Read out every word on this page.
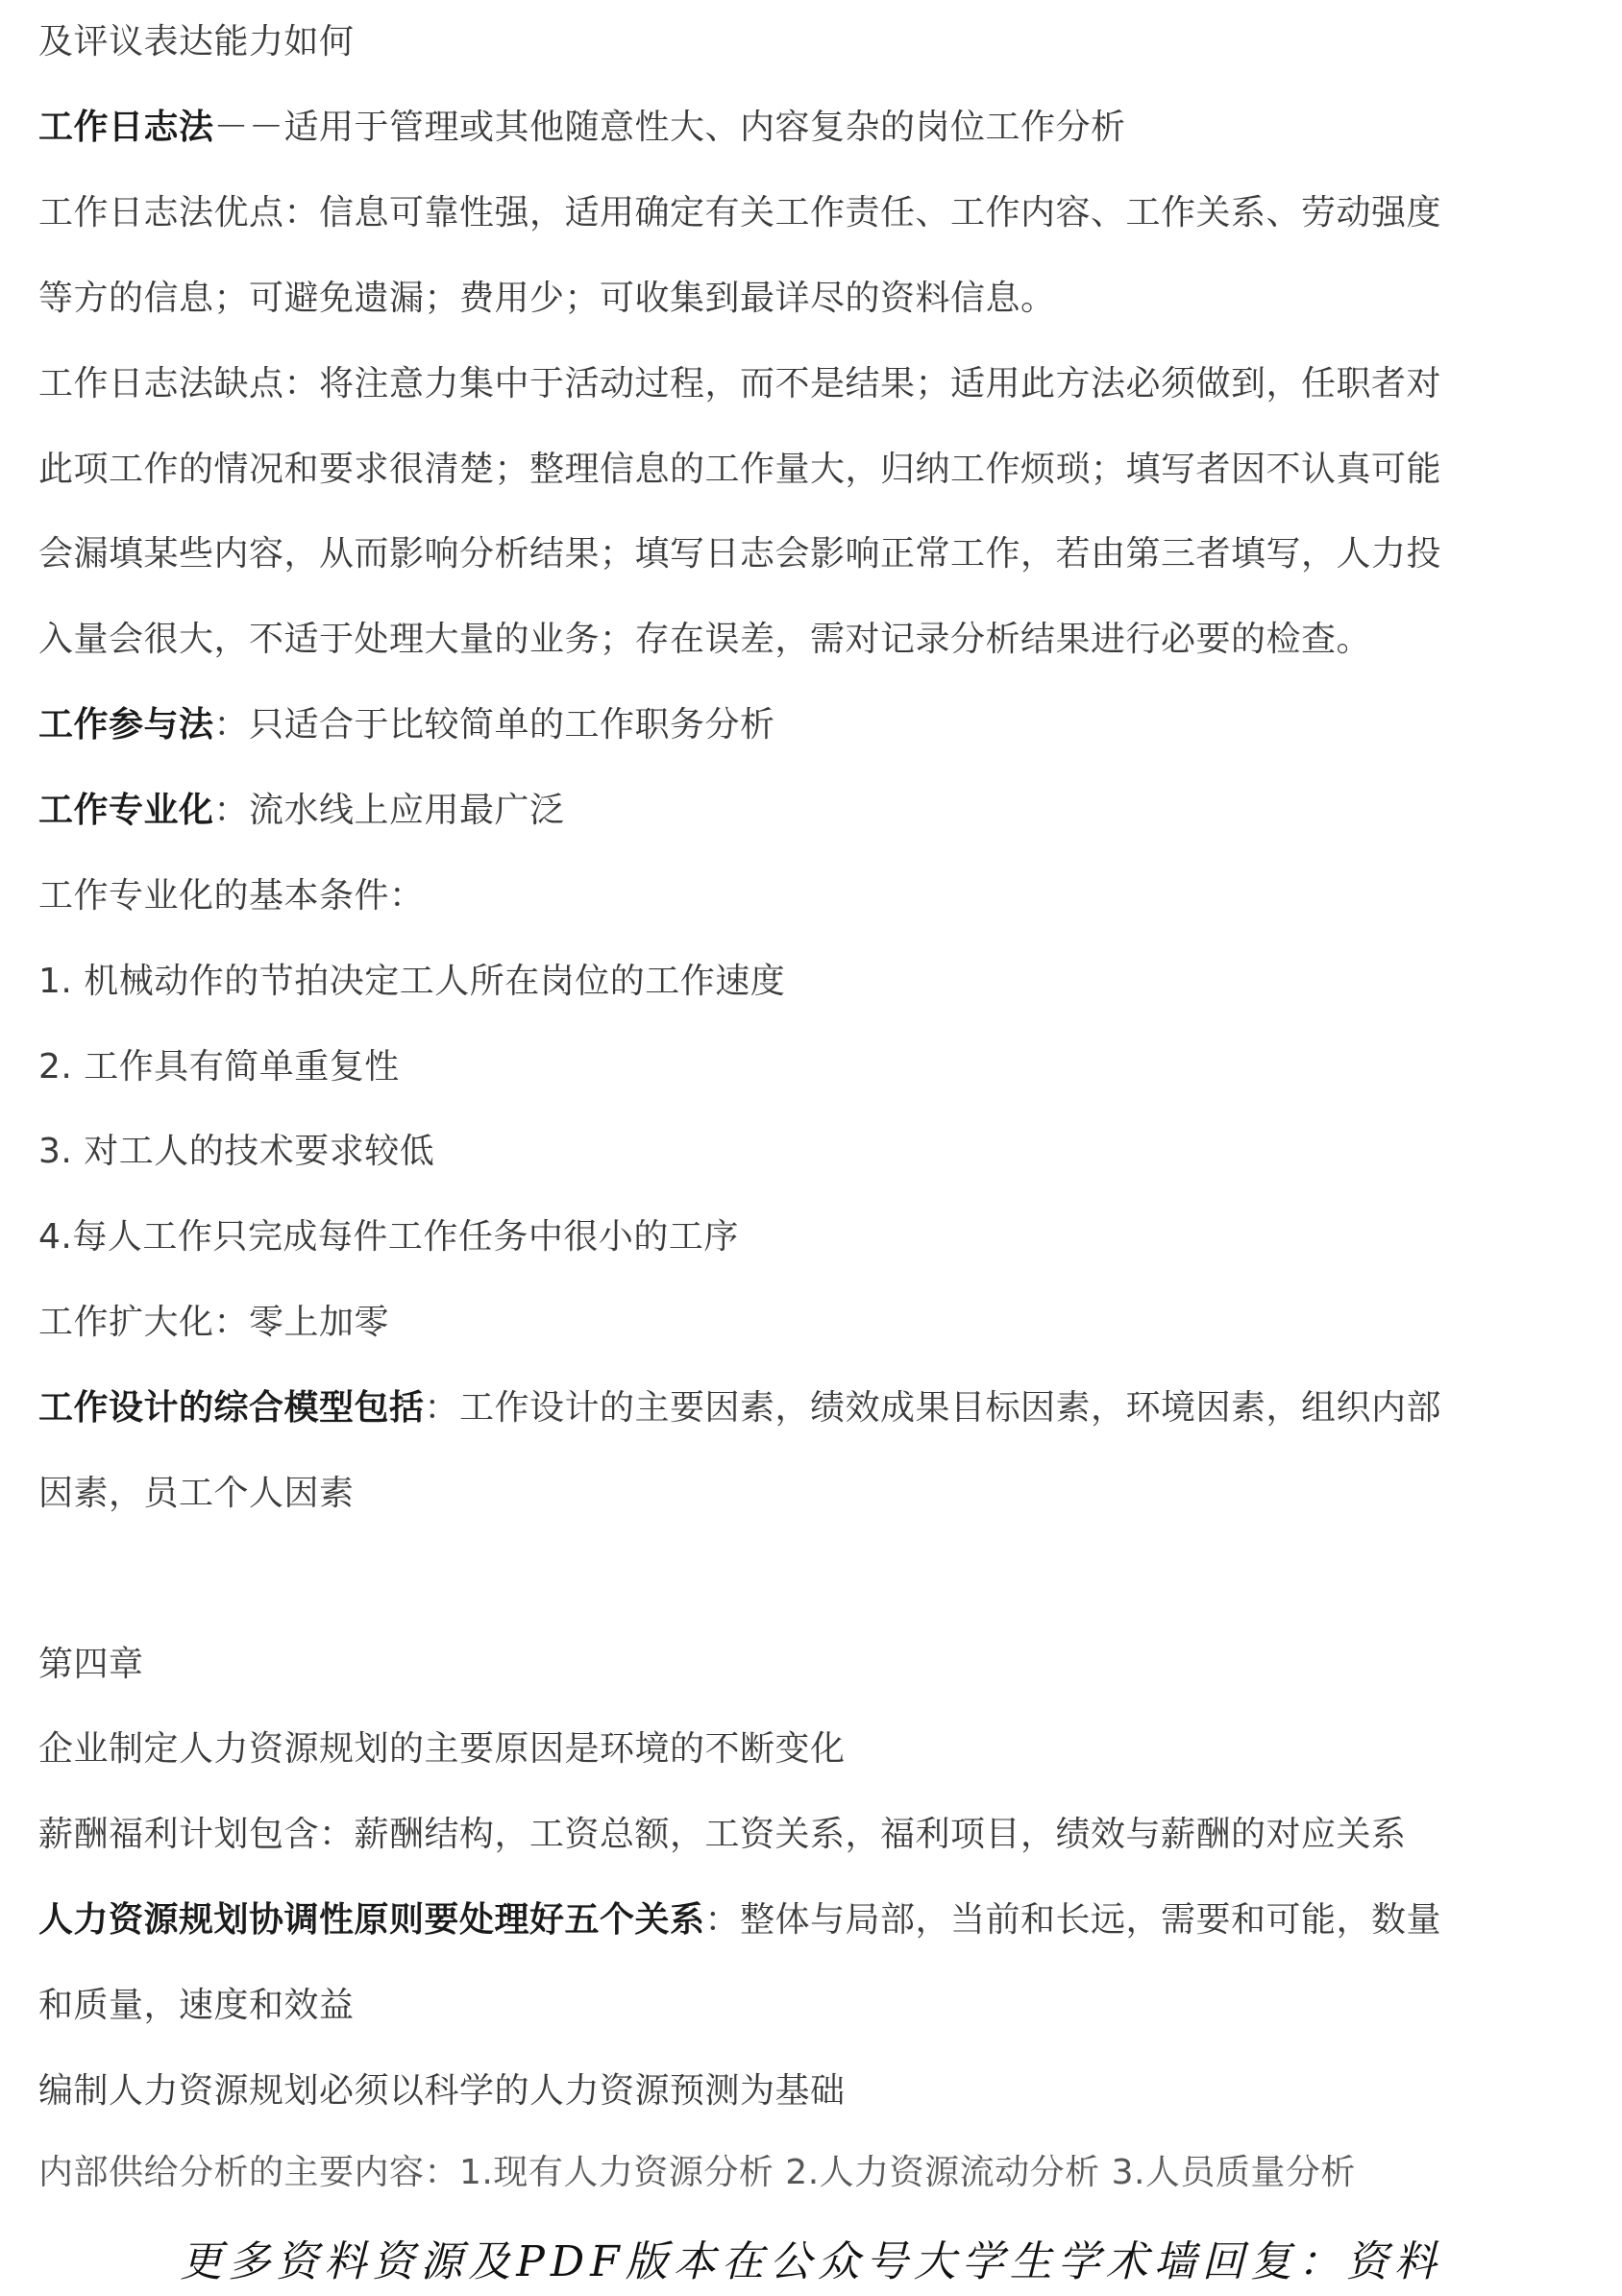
及评议表达能力如何
工作日志法－－适用于管理或其他随意性大、内容复杂的岗位工作分析
工作日志法优点：信息可靠性强，适用确定有关工作责任、工作内容、工作关系、劳动强度
等方的信息；可避免遗漏；费用少；可收集到最详尽的资料信息。
工作日志法缺点：将注意力集中于活动过程，而不是结果；适用此方法必须做到，任职者对
此项工作的情况和要求很清楚；整理信息的工作量大，归纳工作烦琐；填写者因不认真可能
会漏填某些内容，从而影响分析结果；填写日志会影响正常工作，若由第三者填写，人力投
入量会很大，不适于处理大量的业务；存在误差，需对记录分析结果进行必要的检查。
工作参与法：只适合于比较简单的工作职务分析
工作专业化：流水线上应用最广泛
工作专业化的基本条件：
1. 机械动作的节拍决定工人所在岗位的工作速度
2. 工作具有简单重复性
3. 对工人的技术要求较低
4.每人工作只完成每件工作任务中很小的工序
工作扩大化：零上加零
工作设计的综合模型包括：工作设计的主要因素，绩效成果目标因素，环境因素，组织内部
因素，员工个人因素
第四章
企业制定人力资源规划的主要原因是环境的不断变化
薪酬福利计划包含：薪酬结构，工资总额，工资关系，福利项目，绩效与薪酬的对应关系
人力资源规划协调性原则要处理好五个关系：整体与局部，当前和长远，需要和可能，数量
和质量，速度和效益
编制人力资源规划必须以科学的人力资源预测为基础
内部供给分析的主要内容：1.现有人力资源分析 2.人力资源流动分析 3.人员质量分析
更多资料资源及PDF版本在公众号大学生学术墙回复：资料
